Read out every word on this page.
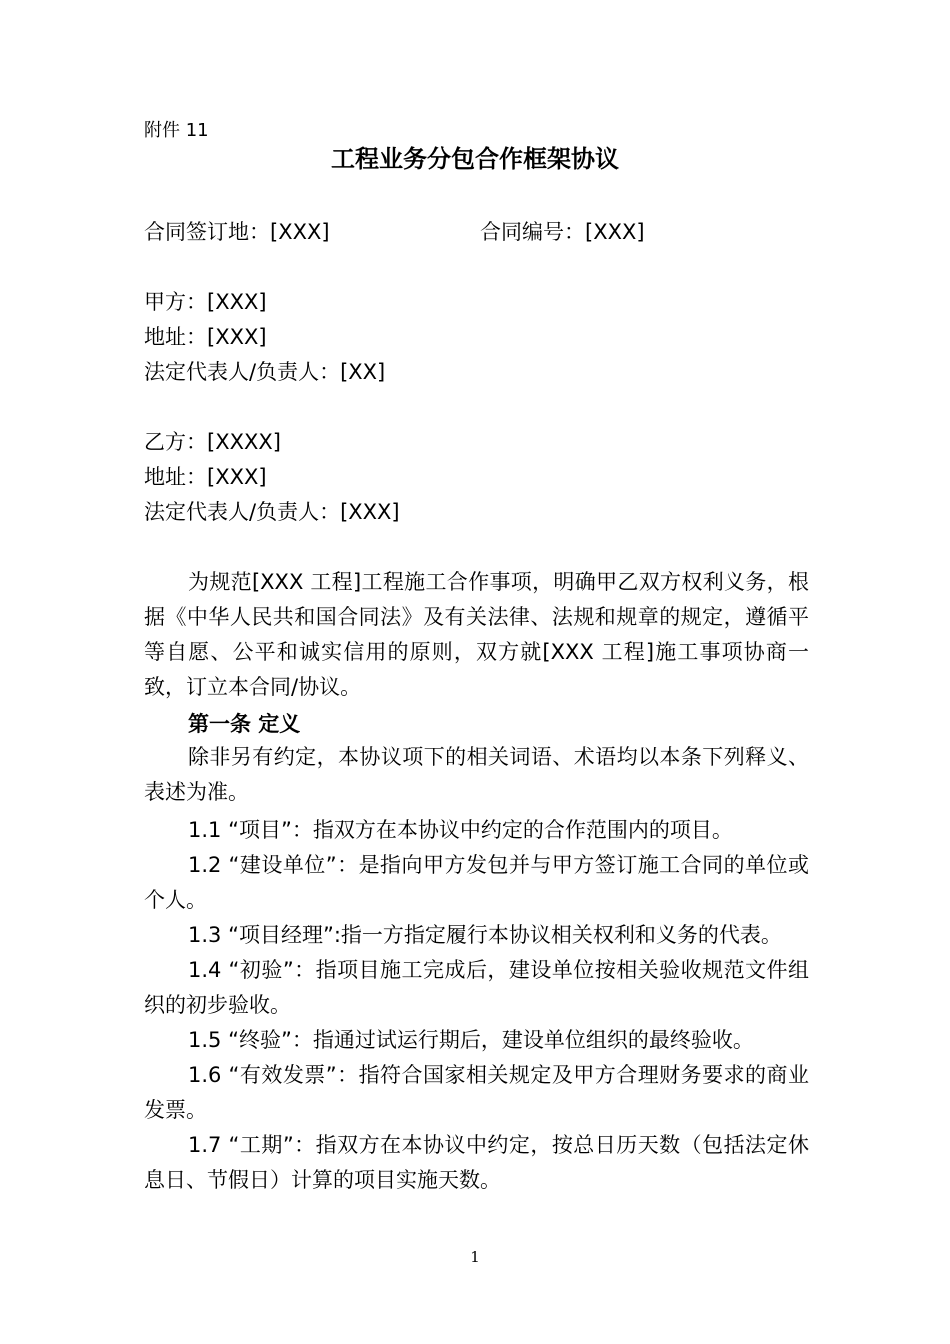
附件 11
工程业务分包合作框架协议
合同签订地：[XXX]	合同编号：[XXX]
甲方：[XXX]
地址：[XXX]
法定代表人/负责人：[XX]
乙方：[XXXX]
地址：[XXX]
法定代表人/负责人：[XXX]
为规范[XXX 工程]工程施工合作事项，明确甲乙双方权利义务，根据《中华人民共和国合同法》及有关法律、法规和规章的规定，遵循平等自愿、公平和诚实信用的原则，双方就[XXX 工程]施工事项协商一致，订立本合同/协议。
第一条 定义
除非另有约定，本协议项下的相关词语、术语均以本条下列释义、表述为准。
1.1 “项目”：指双方在本协议中约定的合作范围内的项目。
1.2 “建设单位”：是指向甲方发包并与甲方签订施工合同的单位或个人。
1.3 “项目经理”:指一方指定履行本协议相关权利和义务的代表。
1.4 “初验”：指项目施工完成后，建设单位按相关验收规范文件组织的初步验收。
1.5 “终验”：指通过试运行期后，建设单位组织的最终验收。
1.6 “有效发票”：指符合国家相关规定及甲方合理财务要求的商业发票。
1.7 “工期”：指双方在本协议中约定，按总日历天数（包括法定休息日、节假日）计算的项目实施天数。
1
